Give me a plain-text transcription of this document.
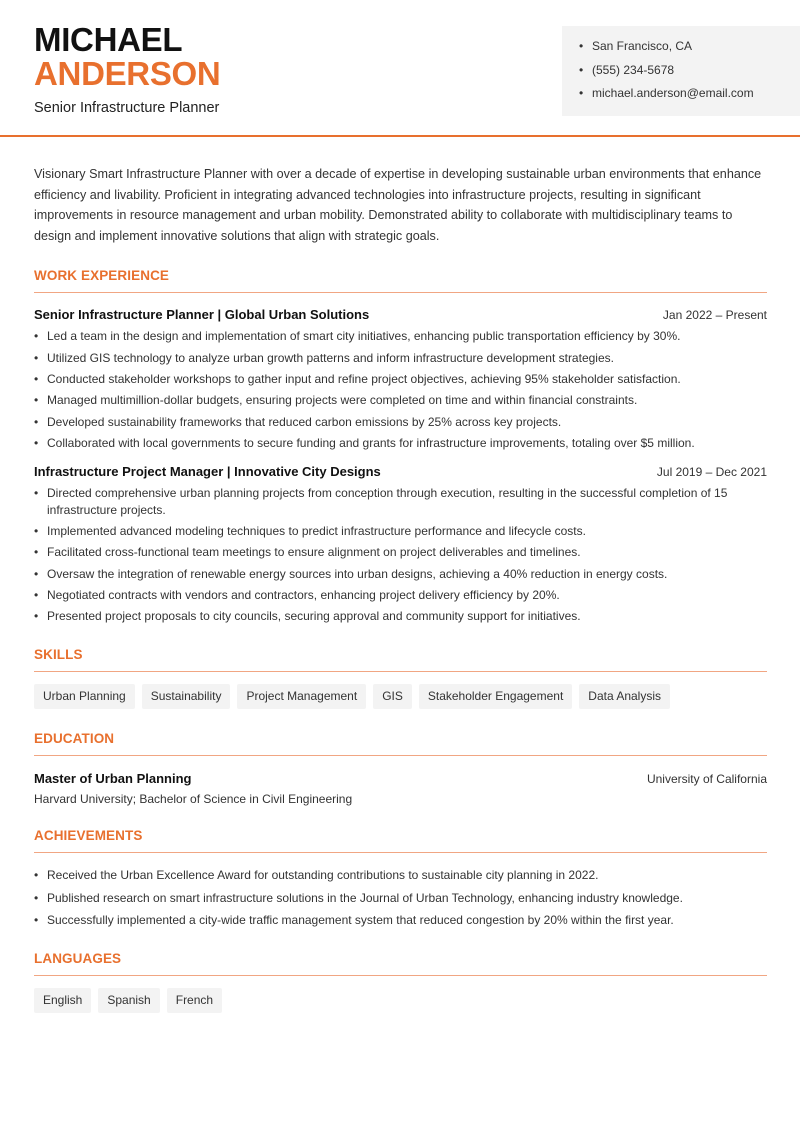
MICHAEL
ANDERSON
Senior Infrastructure Planner
• San Francisco, CA
• (555) 234-5678
• michael.anderson@email.com

Visionary Smart Infrastructure Planner with over a decade of expertise in developing sustainable urban environments that enhance efficiency and livability. Proficient in integrating advanced technologies into infrastructure projects, resulting in significant improvements in resource management and urban mobility. Demonstrated ability to collaborate with multidisciplinary teams to design and implement innovative solutions that align with strategic goals.

WORK EXPERIENCE
Senior Infrastructure Planner | Global Urban Solutions	Jan 2022 – Present
• Led a team in the design and implementation of smart city initiatives, enhancing public transportation efficiency by 30%.
• Utilized GIS technology to analyze urban growth patterns and inform infrastructure development strategies.
• Conducted stakeholder workshops to gather input and refine project objectives, achieving 95% stakeholder satisfaction.
• Managed multimillion-dollar budgets, ensuring projects were completed on time and within financial constraints.
• Developed sustainability frameworks that reduced carbon emissions by 25% across key projects.
• Collaborated with local governments to secure funding and grants for infrastructure improvements, totaling over $5 million.
Infrastructure Project Manager | Innovative City Designs	Jul 2019 – Dec 2021
• Directed comprehensive urban planning projects from conception through execution, resulting in the successful completion of 15 infrastructure projects.
• Implemented advanced modeling techniques to predict infrastructure performance and lifecycle costs.
• Facilitated cross-functional team meetings to ensure alignment on project deliverables and timelines.
• Oversaw the integration of renewable energy sources into urban designs, achieving a 40% reduction in energy costs.
• Negotiated contracts with vendors and contractors, enhancing project delivery efficiency by 20%.
• Presented project proposals to city councils, securing approval and community support for initiatives.
SKILLS
Urban Planning	Sustainability	Project Management	GIS	Stakeholder Engagement	Data Analysis
EDUCATION
Master of Urban Planning	University of California
Harvard University; Bachelor of Science in Civil Engineering
ACHIEVEMENTS
• Received the Urban Excellence Award for outstanding contributions to sustainable city planning in 2022.
• Published research on smart infrastructure solutions in the Journal of Urban Technology, enhancing industry knowledge.
• Successfully implemented a city-wide traffic management system that reduced congestion by 20% within the first year.
LANGUAGES
English	Spanish	French
